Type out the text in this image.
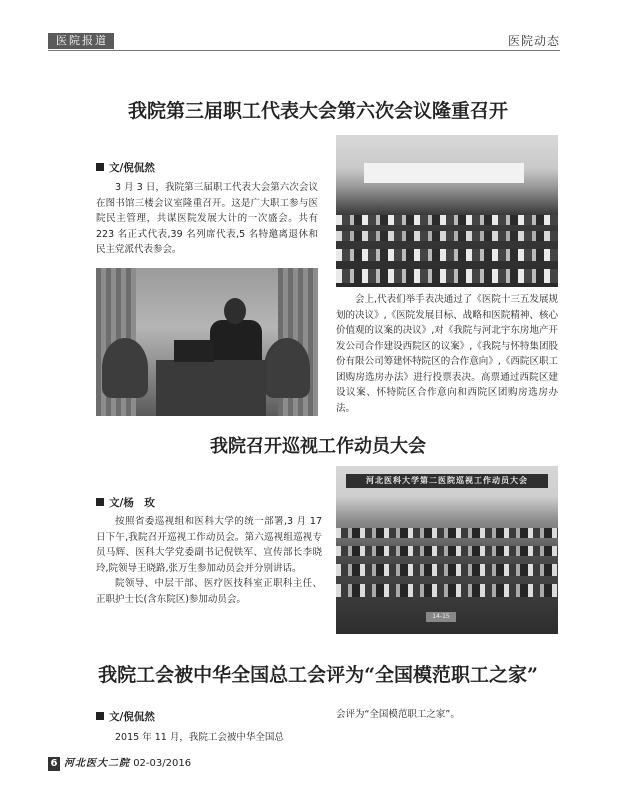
医院报道	医院动态
我院第三届职工代表大会第六次会议隆重召开
文/倪侃然

3 月 3 日，我院第三届职工代表大会第六次会议在图书馆三楼会议室隆重召开。这是广大职工参与医院民主管理，共谋医院发展大计的一次盛会。共有 223 名正式代表,39 名列席代表,5 名特邀离退休和民主党派代表参会。

会上,代表们举手表决通过了《医院十三五发展规划的决议》,《医院发展目标、战略和医院精神、核心价值观的议案的决议》,对《我院与河北宇东房地产开发公司合作建设西院区的议案》,《我院与怀特集团股份有限公司筹建怀特院区的合作意向》,《西院区职工团购房选房办法》进行投票表决。高票通过西院区建设议案、怀特院区合作意向和西院区团购房选房办法。

我院召开巡视工作动员大会
河北医科大学第二医院巡视工作动员大会
14-15
文/杨　玫

按照省委巡视组和医科大学的统一部署,3 月 17 日下午,我院召开巡视工作动员会。第六巡视组巡视专员马辉、医科大学党委副书记倪铁军、宣传部长李晓玲,院领导王晓路,张万生参加动员会并分别讲话。

院领导、中层干部、医疗医技科室正职科主任、正职护士长(含东院区)参加动员会。

我院工会被中华全国总工会评为“全国模范职工之家”
文/倪侃然

2015 年 11 月，我院工会被中华全国总

会评为“全国模范职工之家”。

6 河北医大二院 02-03/2016
